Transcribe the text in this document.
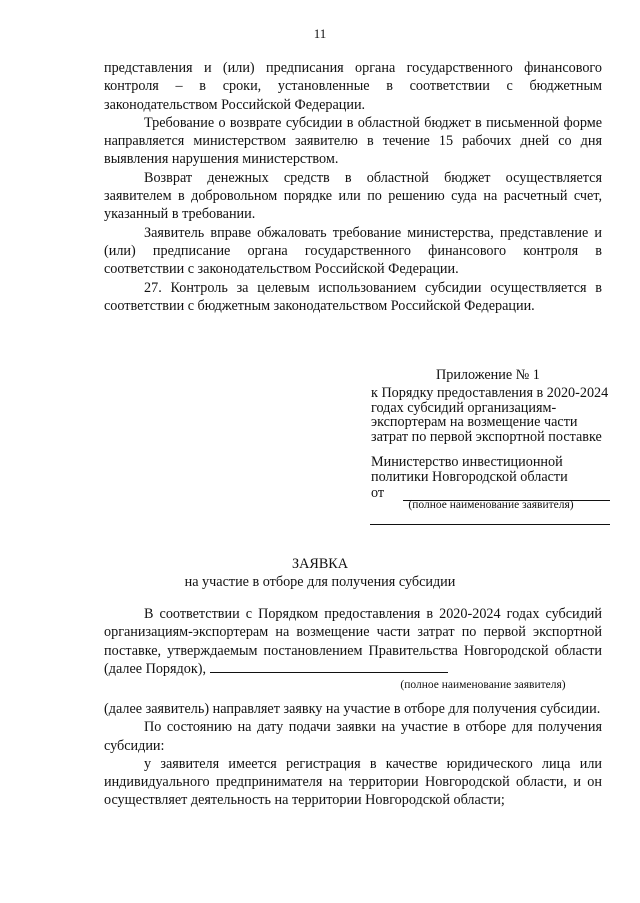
11

представления и (или) предписания органа государственного финансового контроля – в сроки, установленные в соответствии с бюджетным законодательством Российской Федерации.

Требование о возврате субсидии в областной бюджет в письменной форме направляется министерством заявителю в течение 15 рабочих дней со дня выявления нарушения министерством.

Возврат денежных средств в областной бюджет осуществляется заявителем в добровольном порядке или по решению суда на расчетный счет, указанный в требовании.

Заявитель вправе обжаловать требование министерства, представление и (или) предписание органа государственного финансового контроля в соответствии с законодательством Российской Федерации.

27. Контроль за целевым использованием субсидии осуществляется в соответствии с бюджетным законодательством Российской Федерации.

Приложение № 1
к Порядку предоставления в 2020-2024 годах субсидий организациям-экспортерам на возмещение части затрат по первой экспортной поставке
Министерство инвестиционной политики Новгородской области
от
(полное наименование заявителя)
ЗАЯВКА
на участие в отборе для получения субсидии

В соответствии с Порядком предоставления в 2020-2024 годах субсидий организациям-экспортерам на возмещение части затрат по первой экспортной поставке, утверждаемым постановлением Правительства Новгородской области (далее Порядок),

(полное наименование заявителя)

(далее заявитель) направляет заявку на участие в отборе для получения субсидии.

По состоянию на дату подачи заявки на участие в отборе для получения субсидии:

у заявителя имеется регистрация в качестве юридического лица или индивидуального предпринимателя на территории Новгородской области, и он осуществляет деятельность на территории Новгородской области;
